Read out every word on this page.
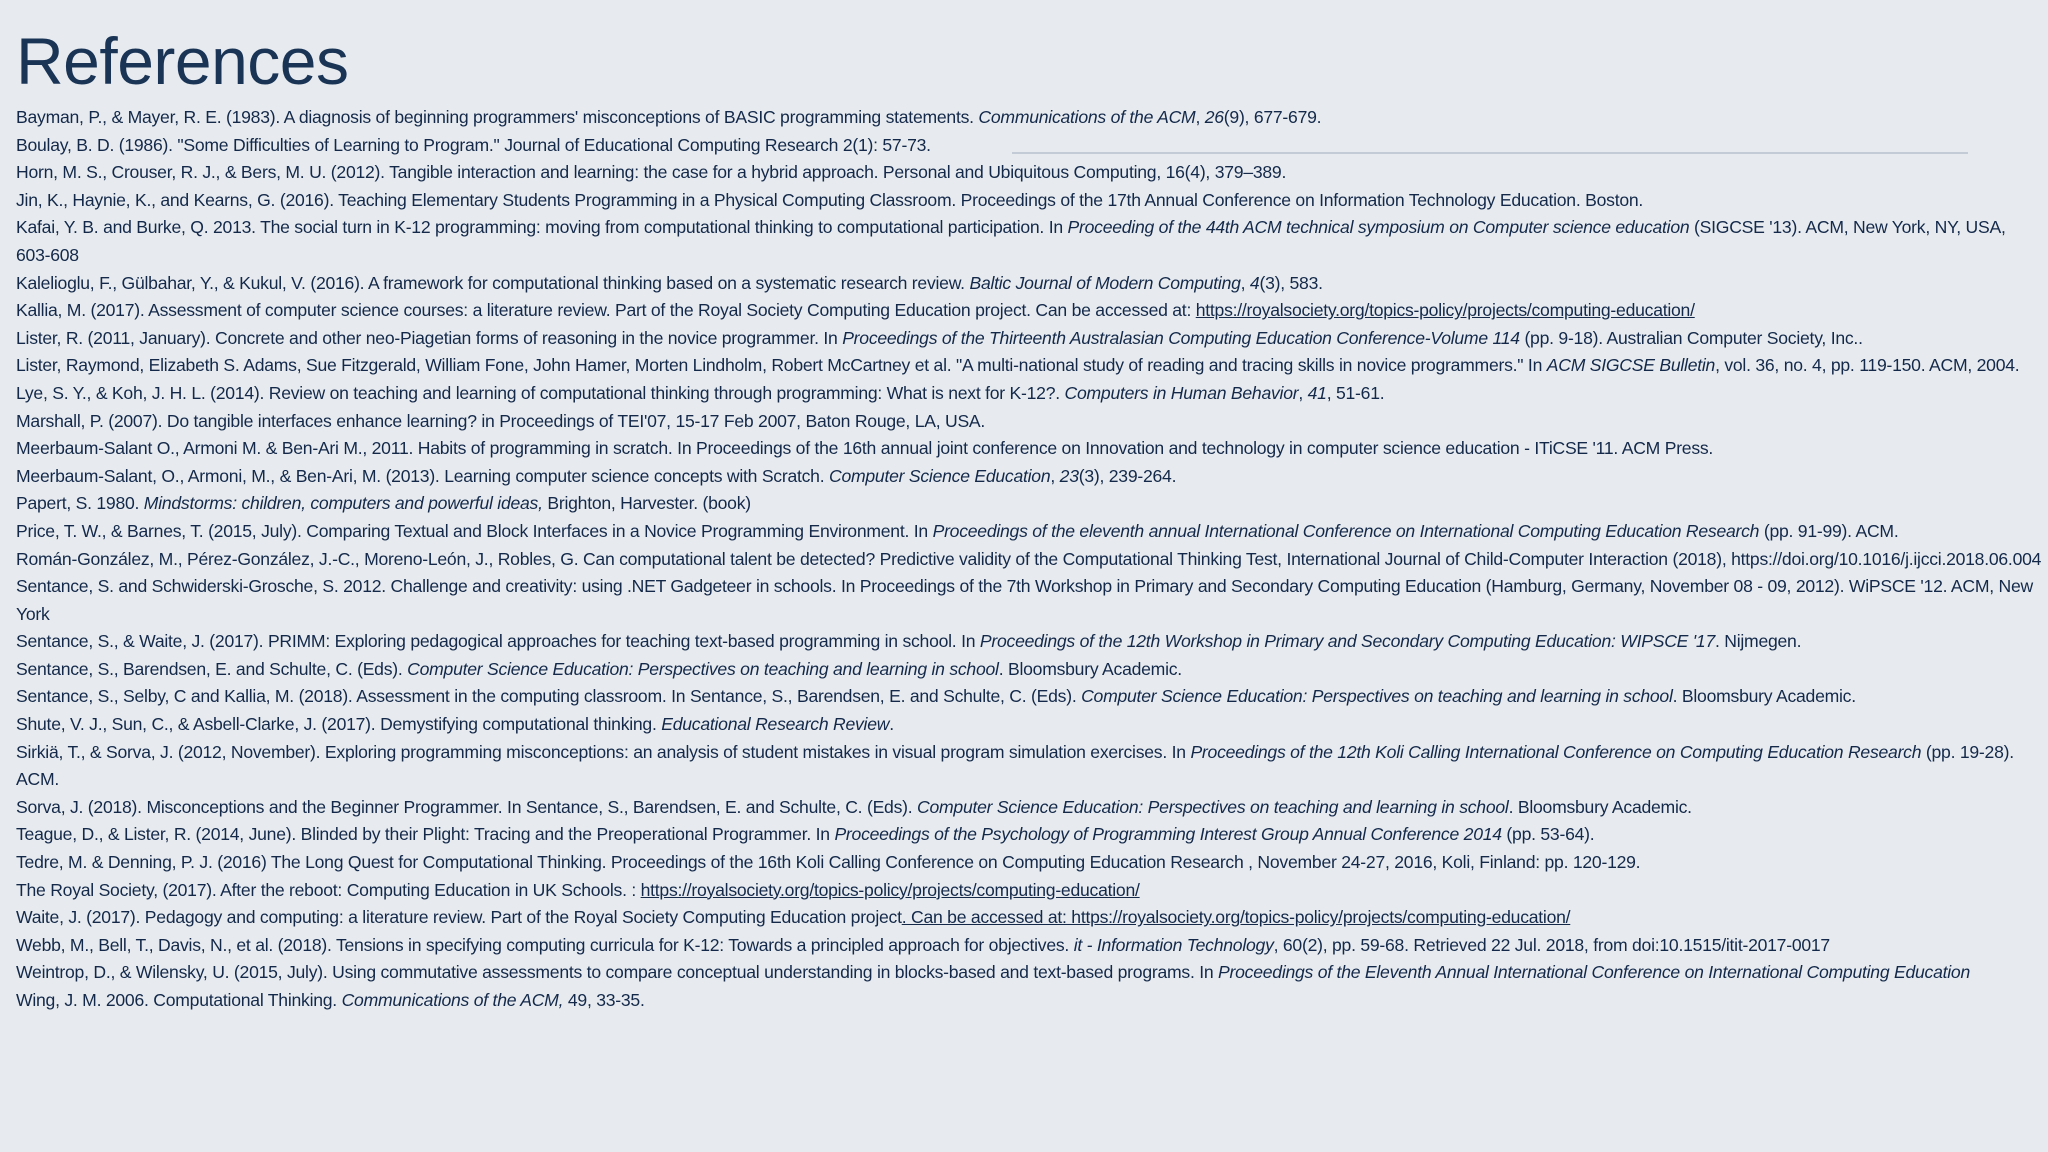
References
Bayman, P., & Mayer, R. E. (1983). A diagnosis of beginning programmers' misconceptions of BASIC programming statements. Communications of the ACM, 26(9), 677-679.
Boulay, B. D. (1986). "Some Difficulties of Learning to Program." Journal of Educational Computing Research 2(1): 57-73.
Horn, M. S., Crouser, R. J., & Bers, M. U. (2012). Tangible interaction and learning: the case for a hybrid approach. Personal and Ubiquitous Computing, 16(4), 379–389.
Jin, K., Haynie, K., and Kearns, G. (2016). Teaching Elementary Students Programming in a Physical Computing Classroom. Proceedings of the 17th Annual Conference on Information Technology Education. Boston.
Kafai, Y. B. and Burke, Q. 2013. The social turn in K-12 programming: moving from computational thinking to computational participation. In Proceeding of the 44th ACM technical symposium on Computer science education (SIGCSE '13). ACM, New York, NY, USA, 603-608
Kalelioglu, F., Gülbahar, Y., & Kukul, V. (2016). A framework for computational thinking based on a systematic research review. Baltic Journal of Modern Computing, 4(3), 583.
Kallia, M. (2017). Assessment of computer science courses: a literature review. Part of the Royal Society Computing Education project. Can be accessed at: https://royalsociety.org/topics-policy/projects/computing-education/
Lister, R. (2011, January). Concrete and other neo-Piagetian forms of reasoning in the novice programmer. In Proceedings of the Thirteenth Australasian Computing Education Conference-Volume 114 (pp. 9-18). Australian Computer Society, Inc..
Lister, Raymond, Elizabeth S. Adams, Sue Fitzgerald, William Fone, John Hamer, Morten Lindholm, Robert McCartney et al. "A multi-national study of reading and tracing skills in novice programmers." In ACM SIGCSE Bulletin, vol. 36, no. 4, pp. 119-150. ACM, 2004.
Lye, S. Y., & Koh, J. H. L. (2014). Review on teaching and learning of computational thinking through programming: What is next for K-12?. Computers in Human Behavior, 41, 51-61.
Marshall, P. (2007). Do tangible interfaces enhance learning? in Proceedings of TEI'07, 15-17 Feb 2007, Baton Rouge, LA, USA.
Meerbaum-Salant O., Armoni M. & Ben-Ari M., 2011. Habits of programming in scratch. In Proceedings of the 16th annual joint conference on Innovation and technology in computer science education - ITiCSE '11. ACM Press.
Meerbaum-Salant, O., Armoni, M., & Ben-Ari, M. (2013). Learning computer science concepts with Scratch. Computer Science Education, 23(3), 239-264.
Papert, S. 1980. Mindstorms: children, computers and powerful ideas, Brighton, Harvester. (book)
Price, T. W., & Barnes, T. (2015, July). Comparing Textual and Block Interfaces in a Novice Programming Environment. In Proceedings of the eleventh annual International Conference on International Computing Education Research (pp. 91-99). ACM.
Román-González, M., Pérez-González, J.-C., Moreno-León, J., Robles, G. Can computational talent be detected? Predictive validity of the Computational Thinking Test, International Journal of Child-Computer Interaction (2018), https://doi.org/10.1016/j.ijcci.2018.06.004
Sentance, S. and Schwiderski-Grosche, S. 2012. Challenge and creativity: using .NET Gadgeteer in schools. In Proceedings of the 7th Workshop in Primary and Secondary Computing Education (Hamburg, Germany, November 08 - 09, 2012). WiPSCE '12. ACM, New York
Sentance, S., & Waite, J. (2017). PRIMM: Exploring pedagogical approaches for teaching text-based programming in school. In Proceedings of the 12th Workshop in Primary and Secondary Computing Education: WIPSCE '17. Nijmegen.
Sentance, S., Barendsen, E. and Schulte, C. (Eds). Computer Science Education: Perspectives on teaching and learning in school. Bloomsbury Academic.
Sentance, S., Selby, C and Kallia, M. (2018). Assessment in the computing classroom. In Sentance, S., Barendsen, E. and Schulte, C. (Eds). Computer Science Education: Perspectives on teaching and learning in school. Bloomsbury Academic.
Shute, V. J., Sun, C., & Asbell-Clarke, J. (2017). Demystifying computational thinking. Educational Research Review.
Sirkiä, T., & Sorva, J. (2012, November). Exploring programming misconceptions: an analysis of student mistakes in visual program simulation exercises. In Proceedings of the 12th Koli Calling International Conference on Computing Education Research (pp. 19-28). ACM.
Sorva, J. (2018). Misconceptions and the Beginner Programmer. In Sentance, S., Barendsen, E. and Schulte, C. (Eds). Computer Science Education: Perspectives on teaching and learning in school. Bloomsbury Academic.
Teague, D., & Lister, R. (2014, June). Blinded by their Plight: Tracing and the Preoperational Programmer. In Proceedings of the Psychology of Programming Interest Group Annual Conference 2014 (pp. 53-64).
Tedre, M. & Denning, P. J. (2016) The Long Quest for Computational Thinking. Proceedings of the 16th Koli Calling Conference on Computing Education Research , November 24-27, 2016, Koli, Finland: pp. 120-129.
The Royal Society, (2017). After the reboot: Computing Education in UK Schools. : https://royalsociety.org/topics-policy/projects/computing-education/
Waite, J. (2017). Pedagogy and computing: a literature review. Part of the Royal Society Computing Education project. Can be accessed at: https://royalsociety.org/topics-policy/projects/computing-education/
Webb, M., Bell, T., Davis, N., et al. (2018). Tensions in specifying computing curricula for K-12: Towards a principled approach for objectives. it - Information Technology, 60(2), pp. 59-68. Retrieved 22 Jul. 2018, from doi:10.1515/itit-2017-0017
Weintrop, D., & Wilensky, U. (2015, July). Using commutative assessments to compare conceptual understanding in blocks-based and text-based programs. In Proceedings of the Eleventh Annual International Conference on International Computing Education
Wing, J. M. 2006. Computational Thinking. Communications of the ACM, 49, 33-35.
